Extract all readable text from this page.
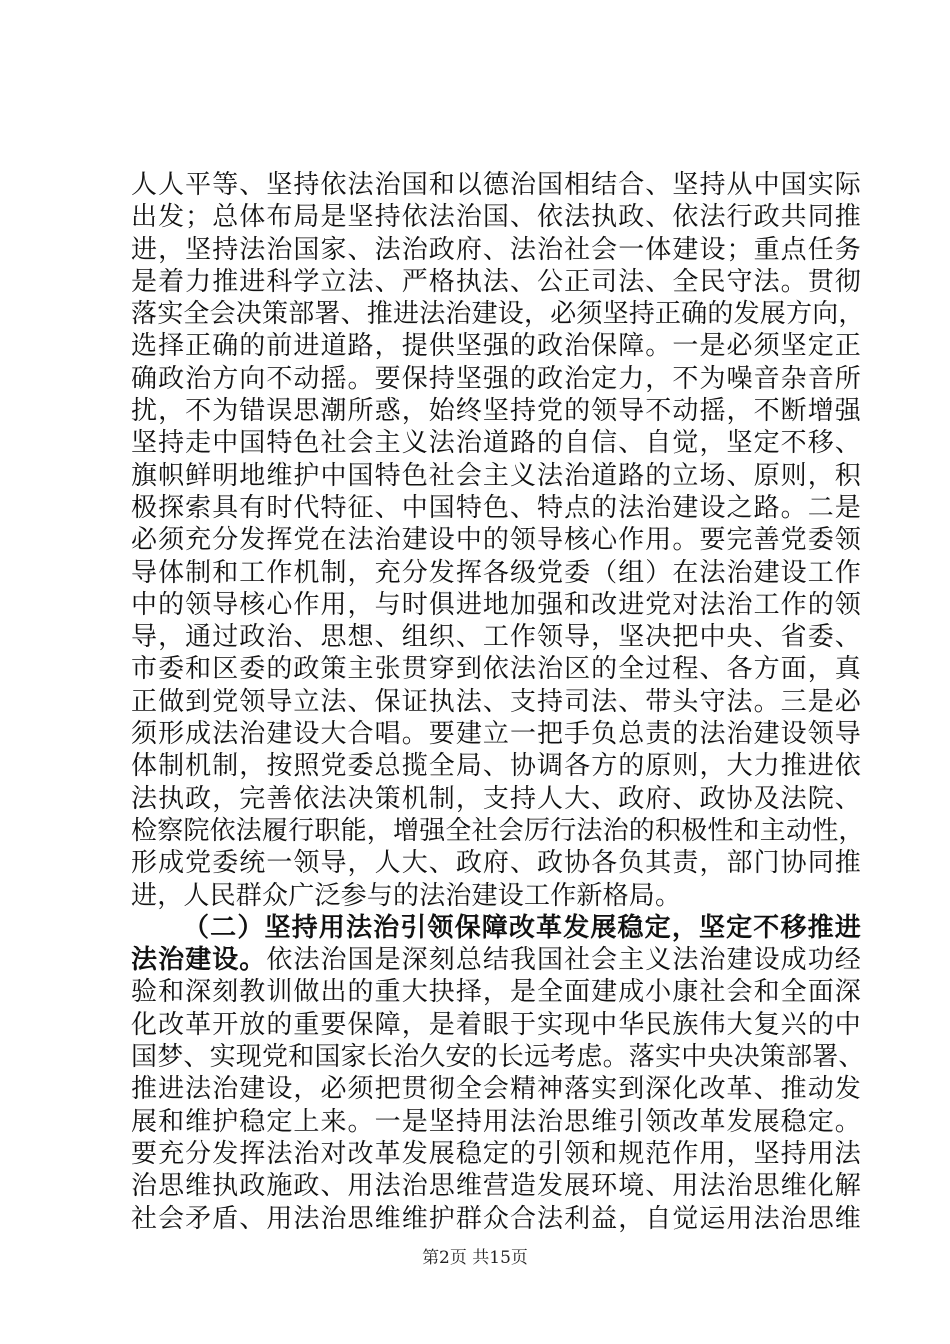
人人平等、坚持依法治国和以德治国相结合、坚持从中国实际
出发；总体布局是坚持依法治国、依法执政、依法行政共同推
进，坚持法治国家、法治政府、法治社会一体建设；重点任务
是着力推进科学立法、严格执法、公正司法、全民守法。贯彻
落实全会决策部署、推进法治建设，必须坚持正确的发展方向，
选择正确的前进道路，提供坚强的政治保障。一是必须坚定正
确政治方向不动摇。要保持坚强的政治定力，不为噪音杂音所
扰，不为错误思潮所惑，始终坚持党的领导不动摇，不断增强
坚持走中国特色社会主义法治道路的自信、自觉，坚定不移、
旗帜鲜明地维护中国特色社会主义法治道路的立场、原则，积
极探索具有时代特征、中国特色、特点的法治建设之路。二是
必须充分发挥党在法治建设中的领导核心作用。要完善党委领
导体制和工作机制，充分发挥各级党委（组）在法治建设工作
中的领导核心作用，与时俱进地加强和改进党对法治工作的领
导，通过政治、思想、组织、工作领导，坚决把中央、省委、
市委和区委的政策主张贯穿到依法治区的全过程、各方面，真
正做到党领导立法、保证执法、支持司法、带头守法。三是必
须形成法治建设大合唱。要建立一把手负总责的法治建设领导
体制机制，按照党委总揽全局、协调各方的原则，大力推进依
法执政，完善依法决策机制，支持人大、政府、政协及法院、
检察院依法履行职能，增强全社会厉行法治的积极性和主动性，
形成党委统一领导，人大、政府、政协各负其责，部门协同推
进，人民群众广泛参与的法治建设工作新格局。
（二）坚持用法治引领保障改革发展稳定，坚定不移推进
法治建设。依法治国是深刻总结我国社会主义法治建设成功经
验和深刻教训做出的重大抉择，是全面建成小康社会和全面深
化改革开放的重要保障，是着眼于实现中华民族伟大复兴的中
国梦、实现党和国家长治久安的长远考虑。落实中央决策部署、
推进法治建设，必须把贯彻全会精神落实到深化改革、推动发
展和维护稳定上来。一是坚持用法治思维引领改革发展稳定。
要充分发挥法治对改革发展稳定的引领和规范作用，坚持用法
治思维执政施政、用法治思维营造发展环境、用法治思维化解
社会矛盾、用法治思维维护群众合法利益，自觉运用法治思维
第2页 共15页
